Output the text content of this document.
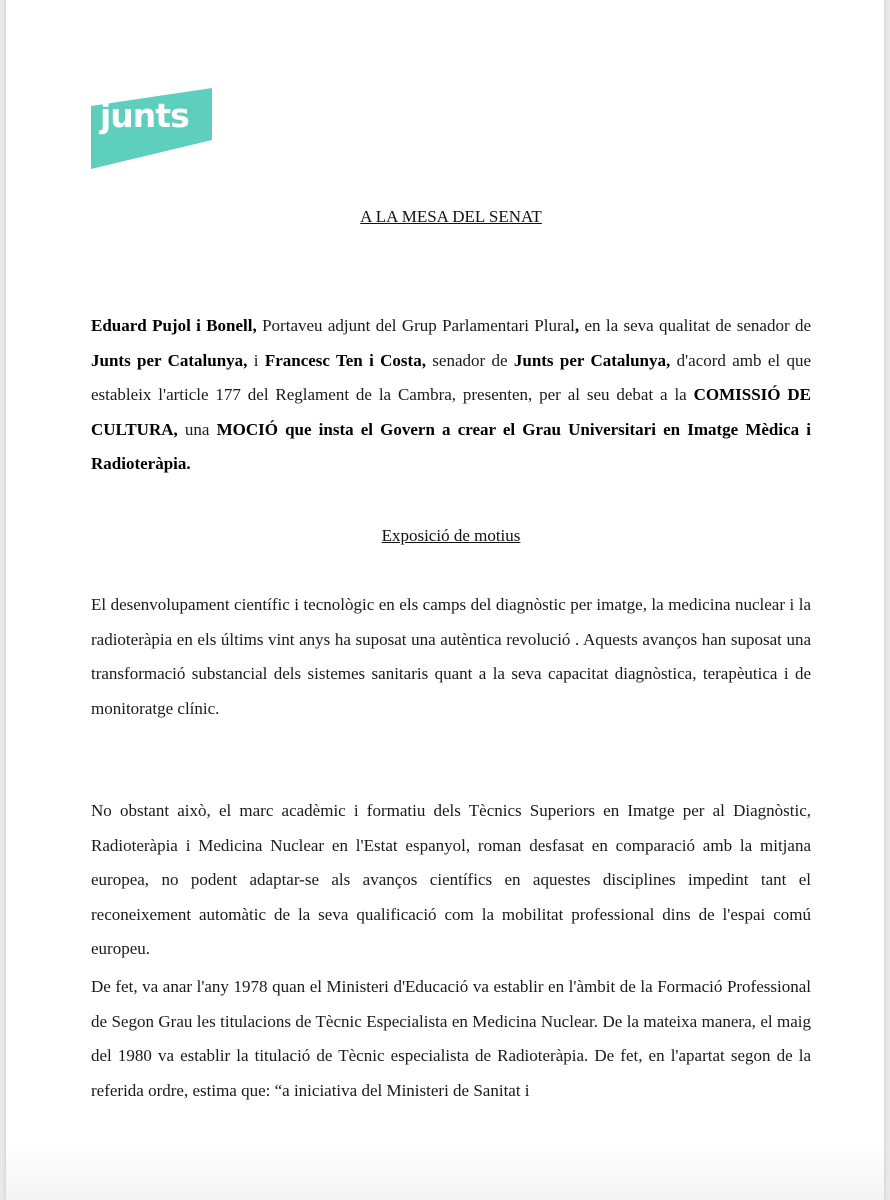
junts
A LA MESA DEL SENAT

Eduard Pujol i Bonell, Portaveu adjunt del Grup Parlamentari Plural, en la seva qualitat de senador de Junts per Catalunya, i Francesc Ten i Costa, senador de Junts per Catalunya, d'acord amb el que estableix l'article 177 del Reglament de la Cambra, presenten, per al seu debat a la COMISSIÓ DE CULTURA, una MOCIÓ que insta el Govern a crear el Grau Universitari en Imatge Mèdica i Radioteràpia.

Exposició de motius

El desenvolupament científic i tecnològic en els camps del diagnòstic per imatge, la medicina nuclear i la radioteràpia en els últims vint anys ha suposat una autèntica revolució . Aquests avanços han suposat una transformació substancial dels sistemes sanitaris quant a la seva capacitat diagnòstica, terapèutica i de monitoratge clínic.

No obstant això, el marc acadèmic i formatiu dels Tècnics Superiors en Imatge per al Diagnòstic, Radioteràpia i Medicina Nuclear en l'Estat espanyol, roman desfasat en comparació amb la mitjana europea, no podent adaptar-se als avanços científics en aquestes disciplines impedint tant el reconeixement automàtic de la seva qualificació com la mobilitat professional dins de l'espai comú europeu.

De fet, va anar l'any 1978 quan el Ministeri d'Educació va establir en l'àmbit de la Formació Professional de Segon Grau les titulacions de Tècnic Especialista en Medicina Nuclear. De la mateixa manera, el maig del 1980 va establir la titulació de Tècnic especialista de Radioteràpia. De fet, en l'apartat segon de la referida ordre, estima que: “a iniciativa del Ministeri de Sanitat i
